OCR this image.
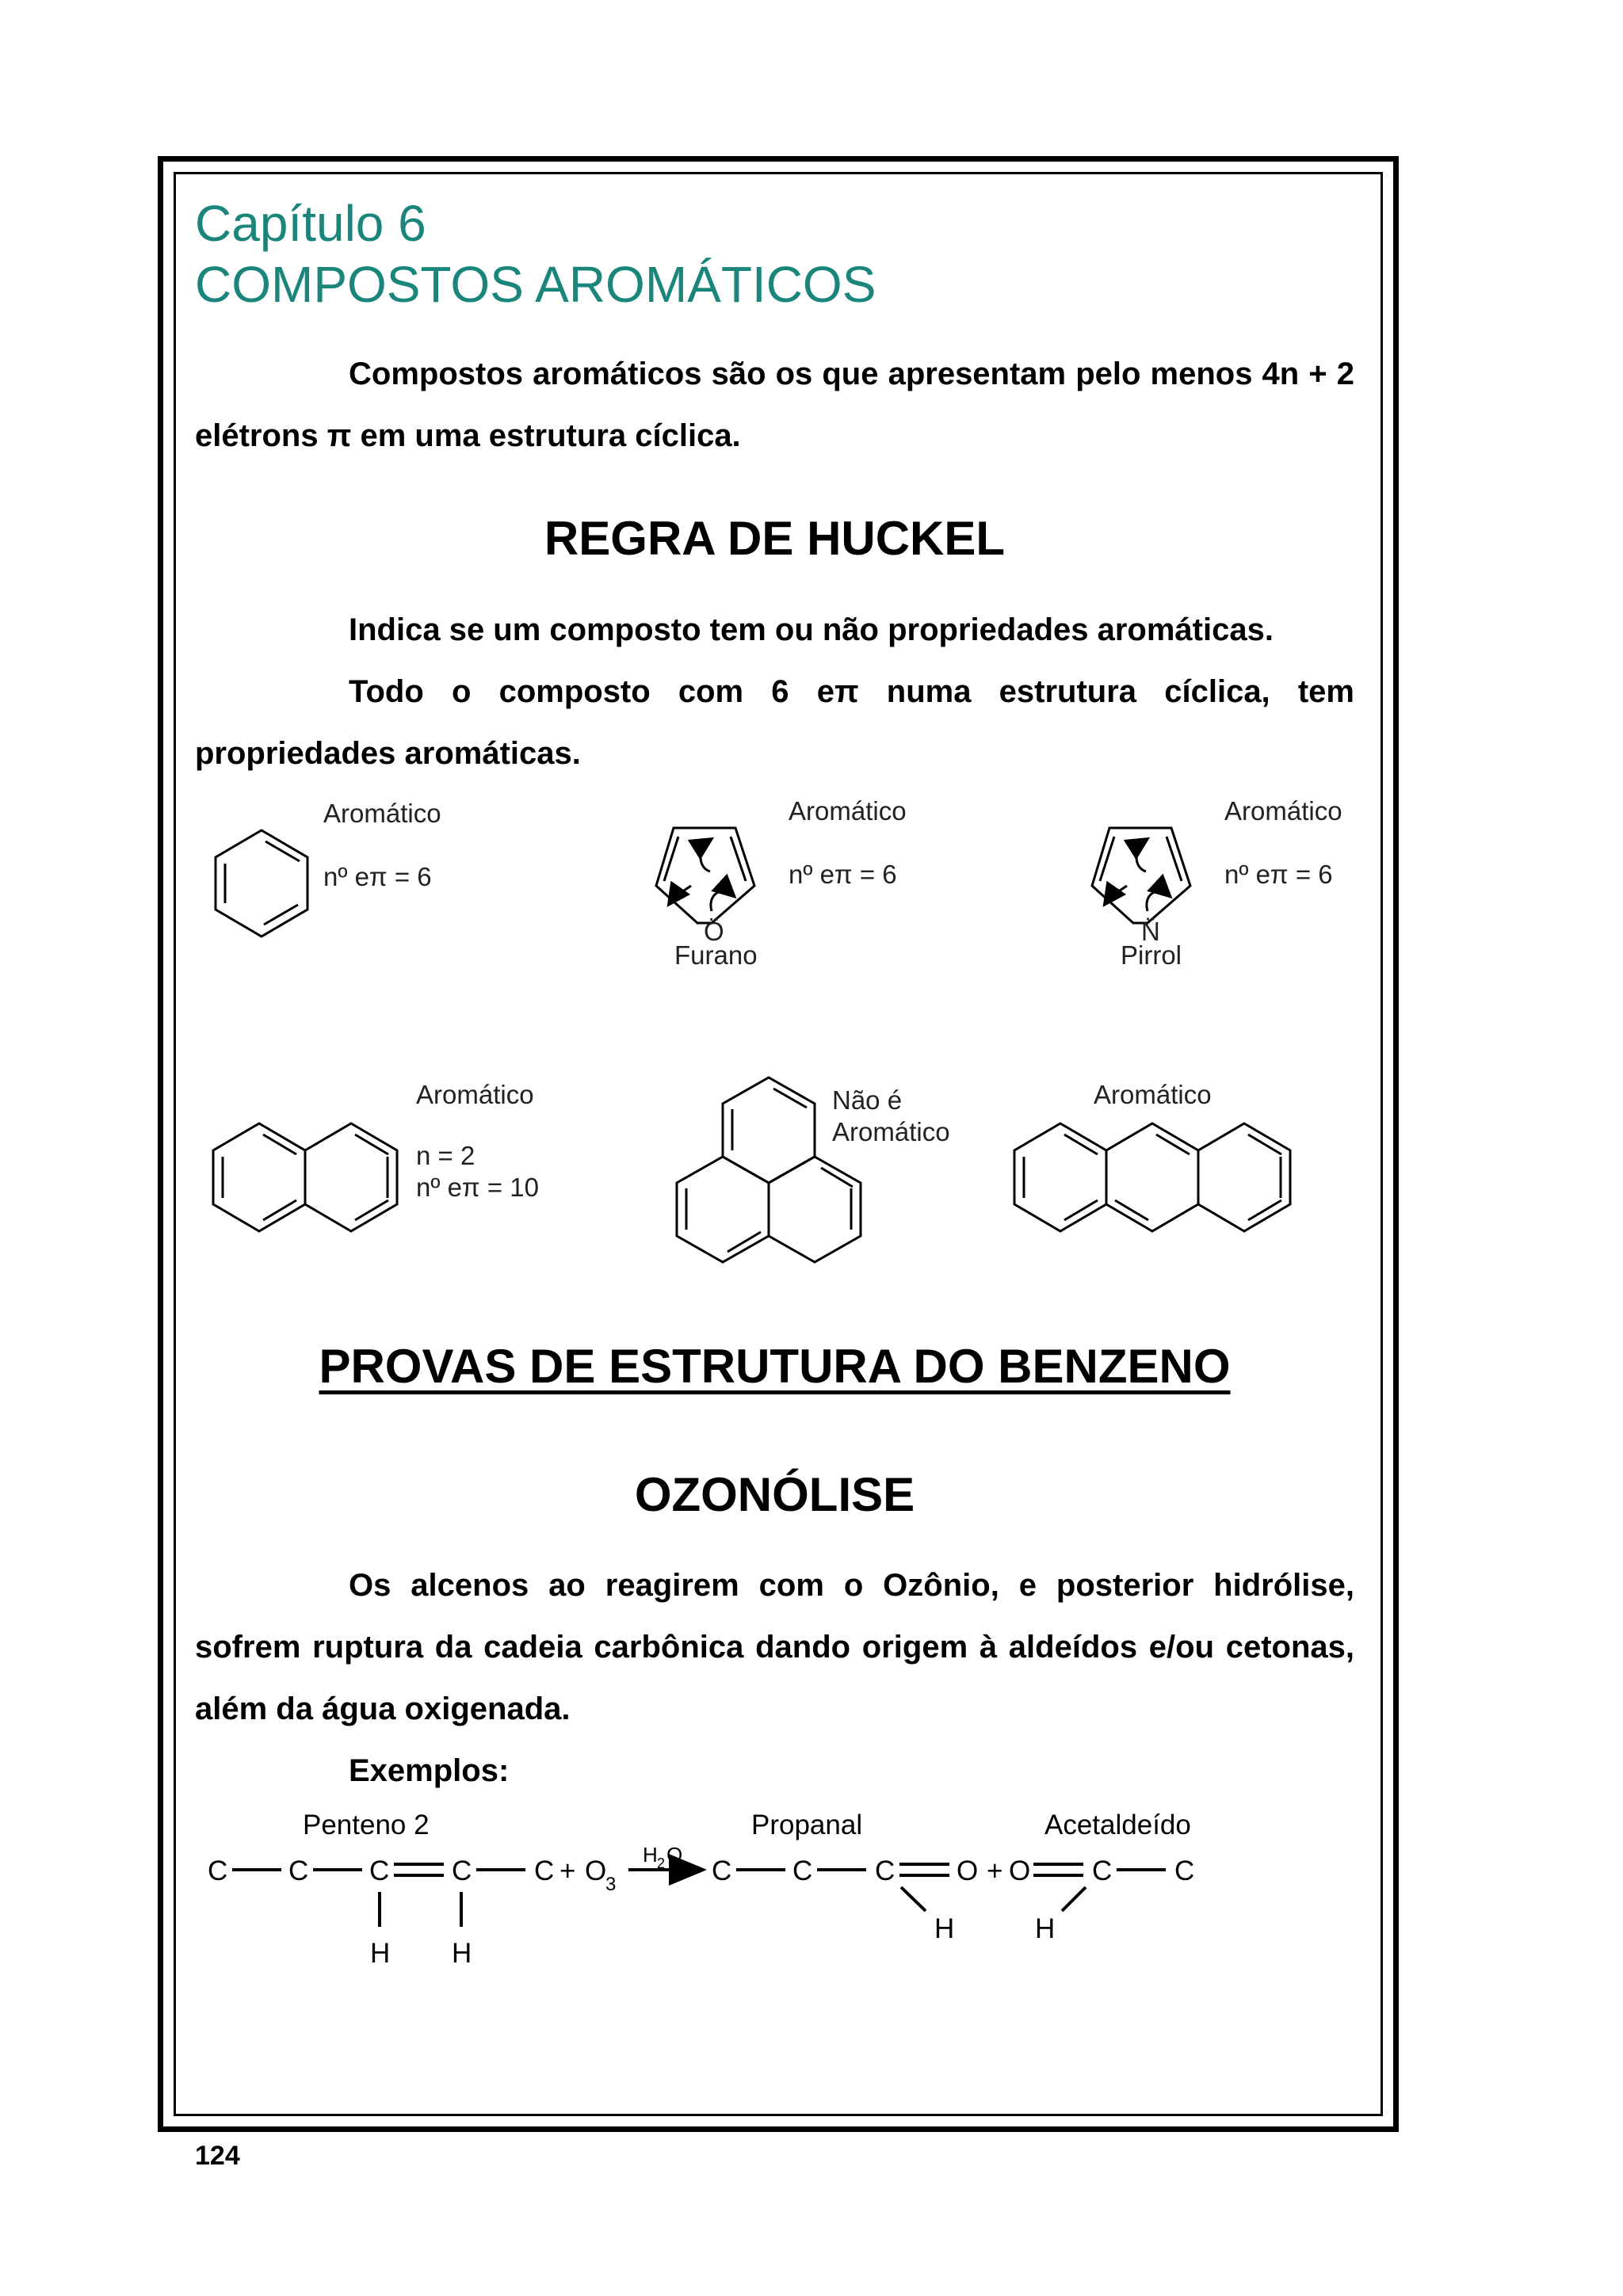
Capítulo 6
COMPOSTOS AROMÁTICOS

Compostos aromáticos são os que apresentam pelo menos 4n + 2 elétrons π em uma estrutura cíclica.

REGRA DE HUCKEL

Indica se um composto tem ou não propriedades aromáticas.

Todo o composto com 6 eπ numa estrutura cíclica, tem propriedades aromáticas.

Aromático
nº eπ = 6
Aromático
nº eπ = 6
Ö
Furano
Aromático
nº eπ = 6
N̈
Pirrol
Aromático
n = 2
nº eπ = 10
Não é
Aromático
Aromático
PROVAS DE ESTRUTURA DO BENZENO
OZONÓLISE

Os alcenos ao reagirem com o Ozônio, e posterior hidrólise, sofrem ruptura da cadeia carbônica dando origem à aldeídos e/ou cetonas, além da água oxigenada.

Exemplos:

Penteno 2	Propanal	Acetaldeído
C C C C C
H H
+ O
3
H 2 O
C C C O
H
+ O C C
H

124
